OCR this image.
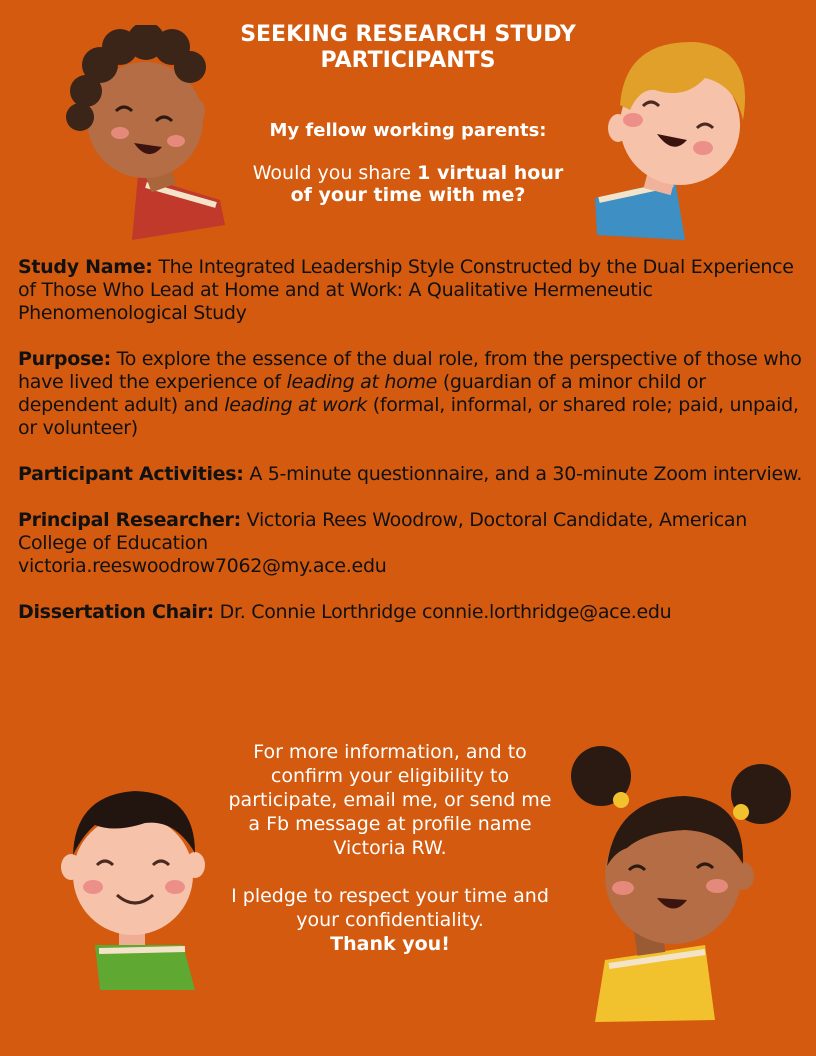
SEEKING RESEARCH STUDY PARTICIPANTS
My fellow working parents:
Would you share 1 virtual hour of your time with me?

Study Name: The Integrated Leadership Style Constructed by the Dual Experience of Those Who Lead at Home and at Work: A Qualitative Hermeneutic Phenomenological Study

Purpose: To explore the essence of the dual role, from the perspective of those who have lived the experience of leading at home (guardian of a minor child or dependent adult) and leading at work (formal, informal, or shared role; paid, unpaid, or volunteer)

Participant Activities: A 5-minute questionnaire, and a 30-minute Zoom interview.

Principal Researcher: Victoria Rees Woodrow, Doctoral Candidate, American College of Education
victoria.reeswoodrow7062@my.ace.edu

Dissertation Chair: Dr. Connie Lorthridge connie.lorthridge@ace.edu

For more information, and to confirm your eligibility to participate, email me, or send me a Fb message at profile name Victoria RW.

I pledge to respect your time and your confidentiality.
Thank you!
